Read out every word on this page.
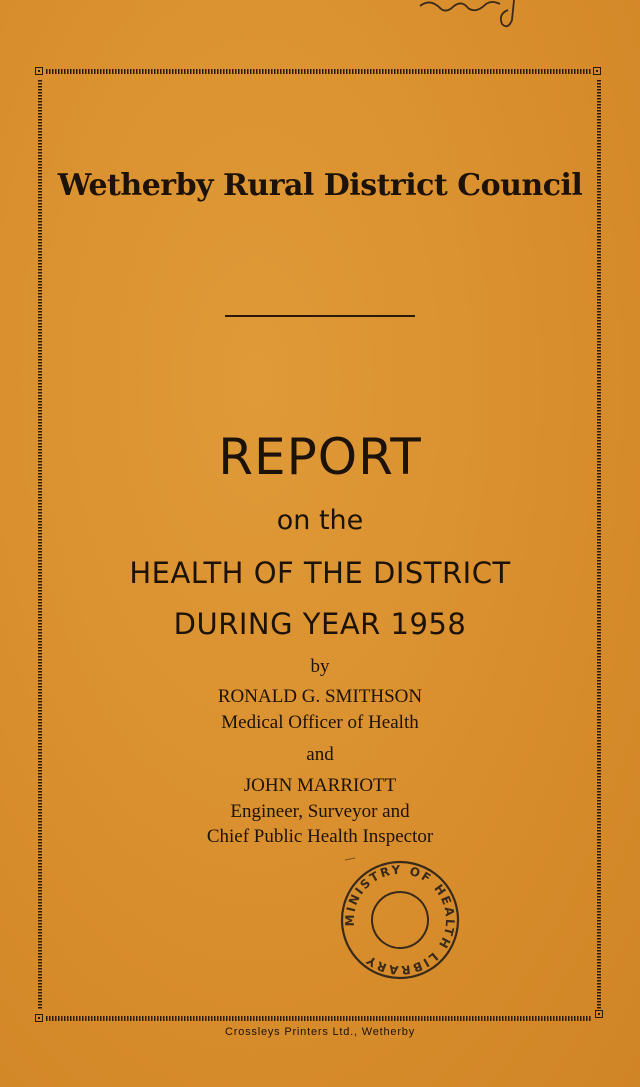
Wetherby Rural District Council
REPORT
on the
HEALTH OF THE DISTRICT
DURING YEAR 1958
by
RONALD G. SMITHSON
Medical Officer of Health
and
JOHN MARRIOTT
Engineer, Surveyor and
Chief Public Health Inspector
MINISTRY OF HEALTH LIBRARY
Crossleys Printers Ltd., Wetherby
